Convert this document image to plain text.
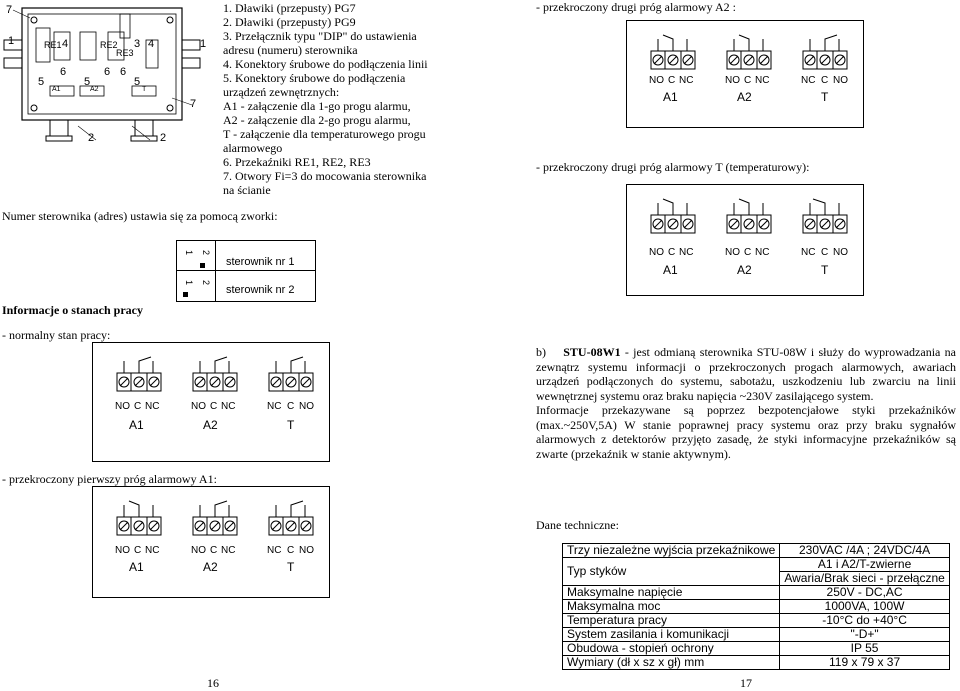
7
1	4	3 4	1
6	6 6
5	5	5
7
2	2
RE1	RE2
RE3
A1	A2	T
1. Dławiki (przepusty) PG7
2. Dławiki (przepusty) PG9
3. Przełącznik typu "DIP" do ustawienia
adresu (numeru) sterownika
4. Konektory śrubowe do podłączenia linii
5. Konektory śrubowe do podłączenia
urządzeń zewnętrznych:
A1 - załączenie dla 1-go progu alarmu,
A2 - załączenie dla 2-go progu alarmu,
T - załączenie dla temperaturowego progu
alarmowego
6. Przekaźniki RE1, RE2, RE3
7. Otwory Fi=3 do mocowania sterownika
na ścianie
Numer sterownika (adres) ustawia się za pomocą zworki:
1 2
sterownik nr 1
1 2
sterownik nr 2
Informacje o stanach pracy
- normalny stan pracy:
- przekroczony pierwszy próg alarmowy A1:
- przekroczony drugi próg alarmowy A2 :
- przekroczony drugi próg alarmowy T (temperaturowy):
NO C NC	NO C NC	NC C NO
A1	A2	T
NO C NC	NO C NC	NC C NO
A1	A2	T
NO C NC	NO C NC	NC C NO
A1	A2	T
NO C NC	NO C NC	NC C NO
A1	A2	T
b) STU-08W1 - jest odmianą sterownika STU-08W i służy do wyprowadzania na zewnątrz systemu informacji o przekroczonych progach alarmowych, awariach urządzeń podłączonych do systemu, sabotażu, uszkodzeniu lub zwarciu na linii wewnętrznej systemu oraz braku napięcia ~230V zasilającego system.
Informacje przekazywane są poprzez bezpotencjałowe styki przekaźników (max.~250V,5A) W stanie poprawnej pracy systemu oraz przy braku sygnałów alarmowych z detektorów przyjęto zasadę, że styki informacyjne przekaźników są zwarte (przekaźnik w stanie aktywnym).
Dane techniczne:
Trzy niezależne wyjścia przekaźnikowe	230VAC /4A ; 24VDC/4A
Typ styków	A1 i A2/T-zwierne
	Awaria/Brak sieci - przełączne
Maksymalne napięcie	250V - DC,AC
Maksymalna moc	1000VA, 100W
Temperatura pracy	-10°C do +40°C
System zasilania i komunikacji	"-D+"
Obudowa - stopień ochrony	IP 55
Wymiary (dł x sz x gł) mm	119 x 79 x 37
16	17
